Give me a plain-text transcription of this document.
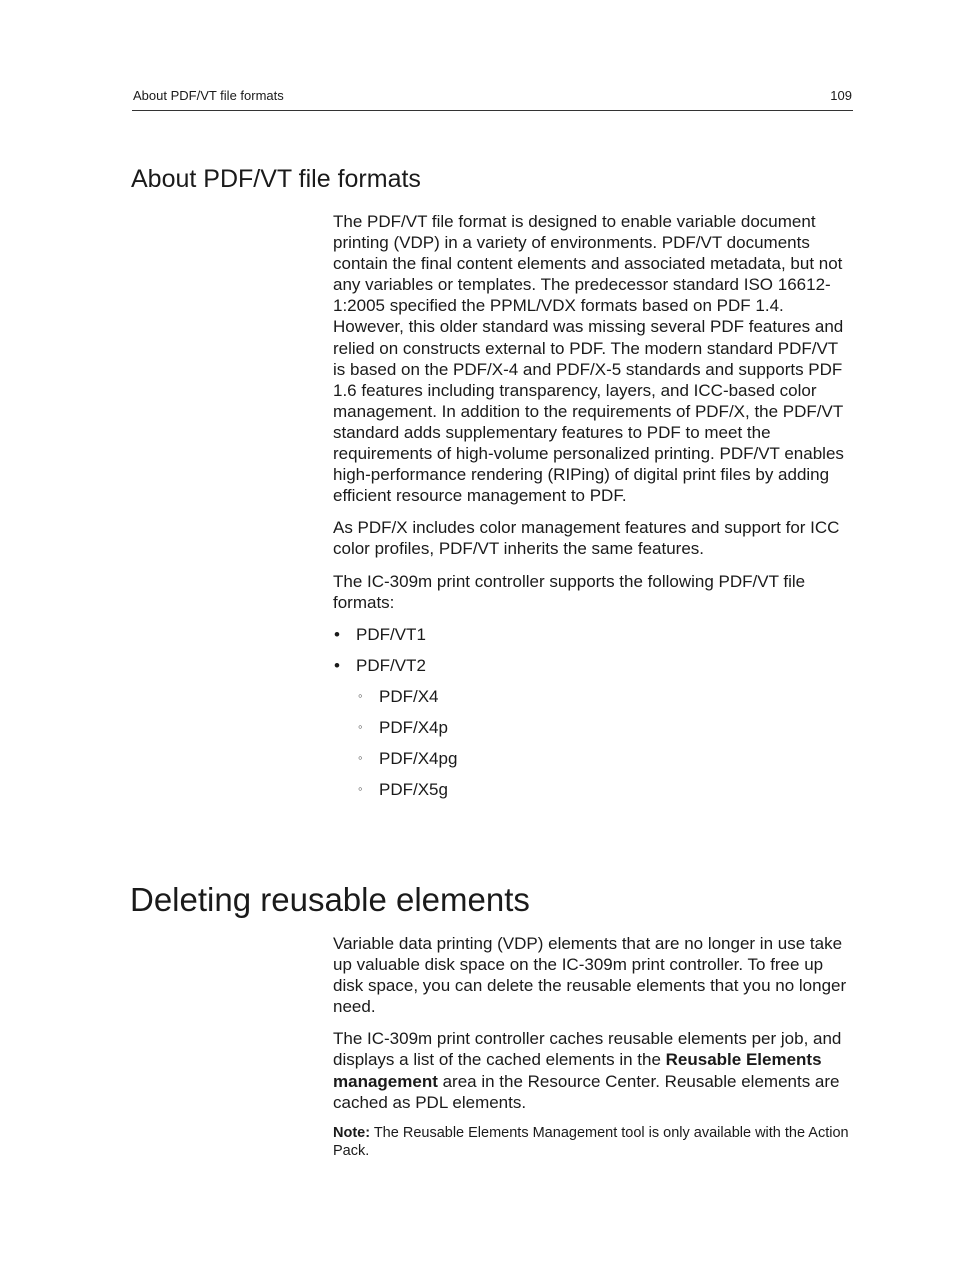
About PDF/VT file formats	109
About PDF/VT file formats

The PDF/VT file format is designed to enable variable document printing (VDP) in a variety of environments. PDF/VT documents contain the final content elements and associated metadata, but not any variables or templates. The predecessor standard ISO 16612-1:2005 specified the PPML/VDX formats based on PDF 1.4. However, this older standard was missing several PDF features and relied on constructs external to PDF. The modern standard PDF/VT is based on the PDF/X-4 and PDF/X-5 standards and supports PDF 1.6 features including transparency, layers, and ICC-based color management. In addition to the requirements of PDF/X, the PDF/VT standard adds supplementary features to PDF to meet the requirements of high-volume personalized printing. PDF/VT enables high-performance rendering (RIPing) of digital print files by adding efficient resource management to PDF.

As PDF/X includes color management features and support for ICC color profiles, PDF/VT inherits the same features.

The IC-309m print controller supports the following PDF/VT file formats:

• PDF/VT1
• PDF/VT2
◦ PDF/X4
◦ PDF/X4p
◦ PDF/X4pg
◦ PDF/X5g
Deleting reusable elements

Variable data printing (VDP) elements that are no longer in use take up valuable disk space on the IC-309m print controller. To free up disk space, you can delete the reusable elements that you no longer need.

The IC-309m print controller caches reusable elements per job, and displays a list of the cached elements in the Reusable Elements management area in the Resource Center. Reusable elements are cached as PDL elements.

Note: The Reusable Elements Management tool is only available with the Action Pack.
